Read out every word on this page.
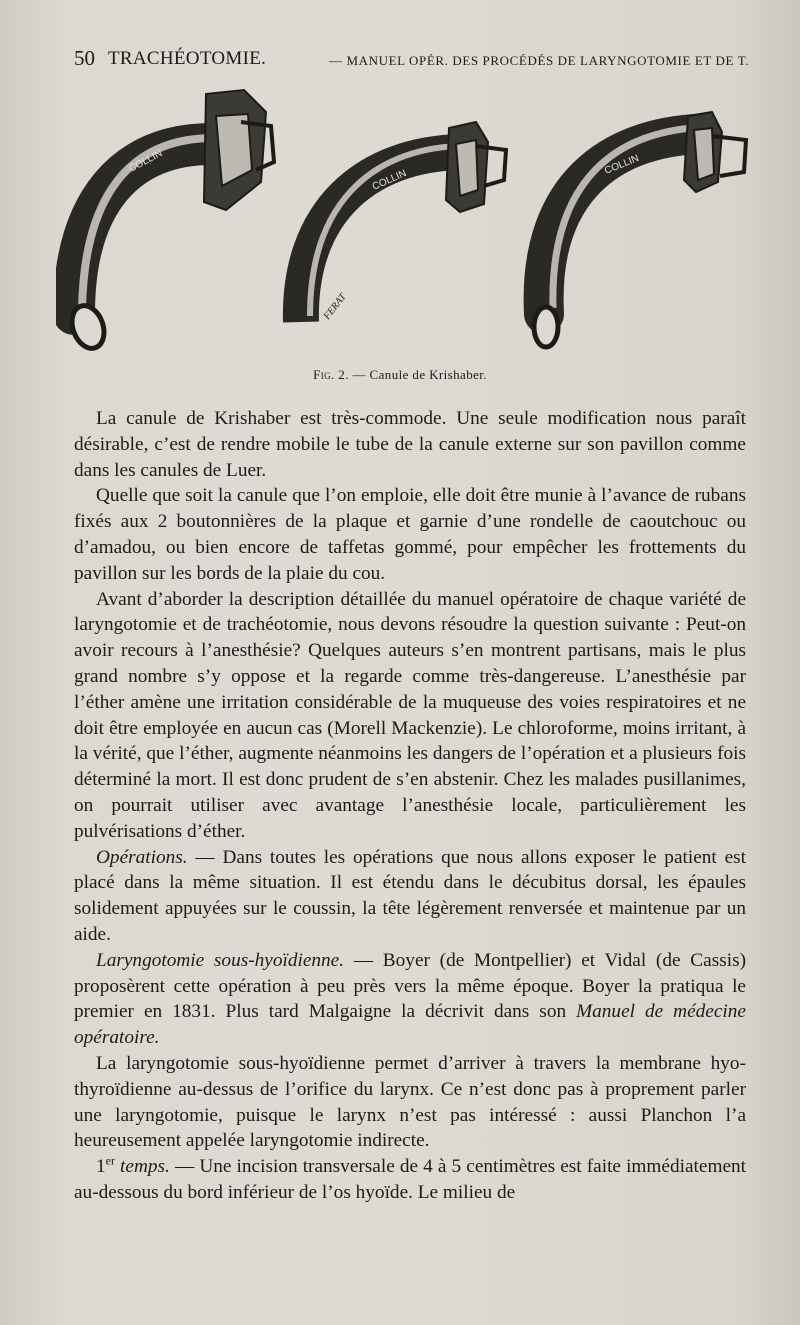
50 TRACHÉOTOMIE.	— MANUEL OPÉR. DES PROCÉDÉS DE LARYNGOTOMIE ET DE T.
COLLIN
COLLIN
FERAT
COLLIN
Fig. 2. — Canule de Krishaber.

La canule de Krishaber est très-commode. Une seule modification nous paraît désirable, c’est de rendre mobile le tube de la canule externe sur son pavillon comme dans les canules de Luer.

Quelle que soit la canule que l’on emploie, elle doit être munie à l’avance de rubans fixés aux 2 boutonnières de la plaque et garnie d’une rondelle de caoutchouc ou d’amadou, ou bien encore de taffetas gommé, pour empêcher les frottements du pavillon sur les bords de la plaie du cou.

Avant d’aborder la description détaillée du manuel opératoire de chaque variété de laryngotomie et de trachéotomie, nous devons résoudre la question suivante : Peut-on avoir recours à l’anesthésie? Quelques auteurs s’en montrent partisans, mais le plus grand nombre s’y oppose et la regarde comme très-dangereuse. L’anesthésie par l’éther amène une irritation considérable de la muqueuse des voies respiratoires et ne doit être employée en aucun cas (Morell Mackenzie). Le chloroforme, moins irritant, à la vérité, que l’éther, augmente néanmoins les dangers de l’opération et a plusieurs fois déterminé la mort. Il est donc prudent de s’en abstenir. Chez les malades pusillanimes, on pourrait utiliser avec avantage l’anesthésie locale, particulièrement les pulvérisations d’éther.

Opérations. — Dans toutes les opérations que nous allons exposer le patient est placé dans la même situation. Il est étendu dans le décubitus dorsal, les épaules solidement appuyées sur le coussin, la tête légèrement renversée et maintenue par un aide.

Laryngotomie sous-hyoïdienne. — Boyer (de Montpellier) et Vidal (de Cassis) proposèrent cette opération à peu près vers la même époque. Boyer la pratiqua le premier en 1831. Plus tard Malgaigne la décrivit dans son Manuel de médecine opératoire.

La laryngotomie sous-hyoïdienne permet d’arriver à travers la membrane hyo-thyroïdienne au-dessus de l’orifice du larynx. Ce n’est donc pas à proprement parler une laryngotomie, puisque le larynx n’est pas intéressé : aussi Planchon l’a heureusement appelée laryngotomie indirecte.

1er temps. — Une incision transversale de 4 à 5 centimètres est faite immédiatement au-dessous du bord inférieur de l’os hyoïde. Le milieu de
